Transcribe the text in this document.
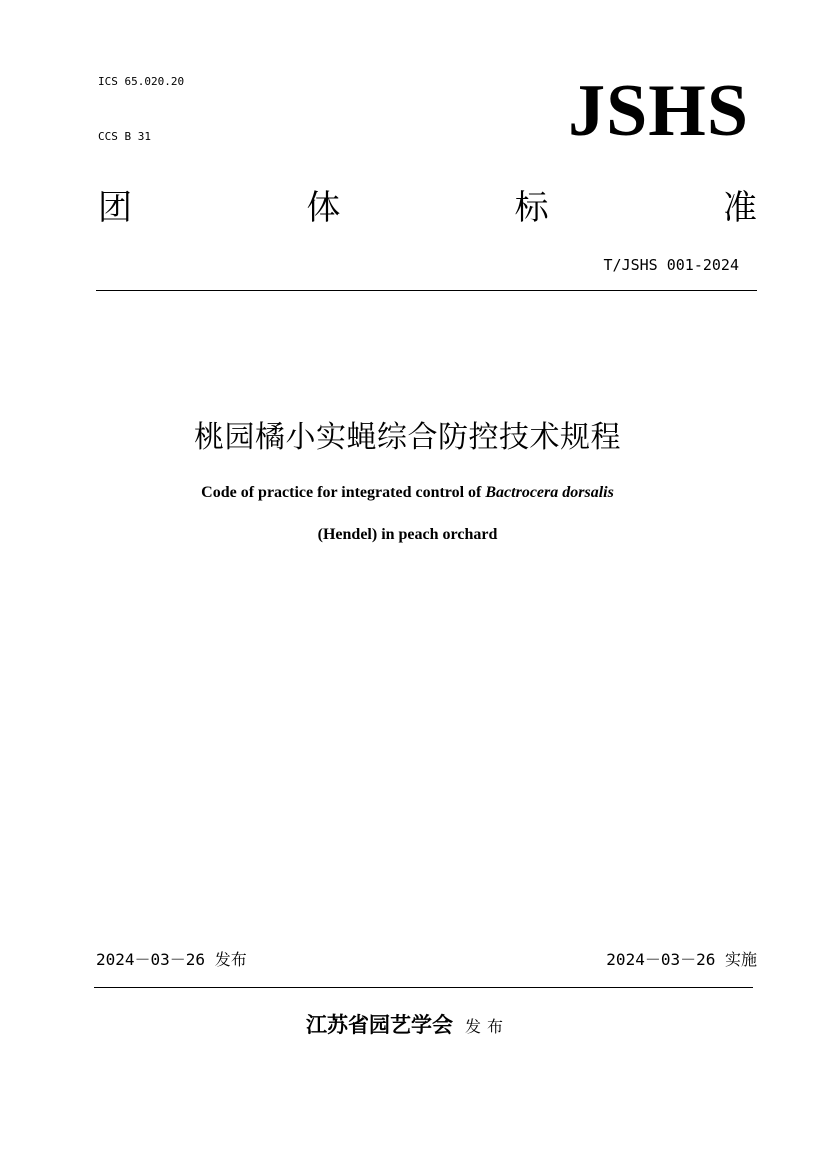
ICS 65.020.20

CCS B 31	JSHS
团	体	标	准
T/JSHS 001-2024
桃园橘小实蝇综合防控技术规程
Code of practice for integrated control of Bactrocera dorsalis
(Hendel) in peach orchard
2024－03－26 发布	2024－03－26 实施
江苏省园艺学会 发布
